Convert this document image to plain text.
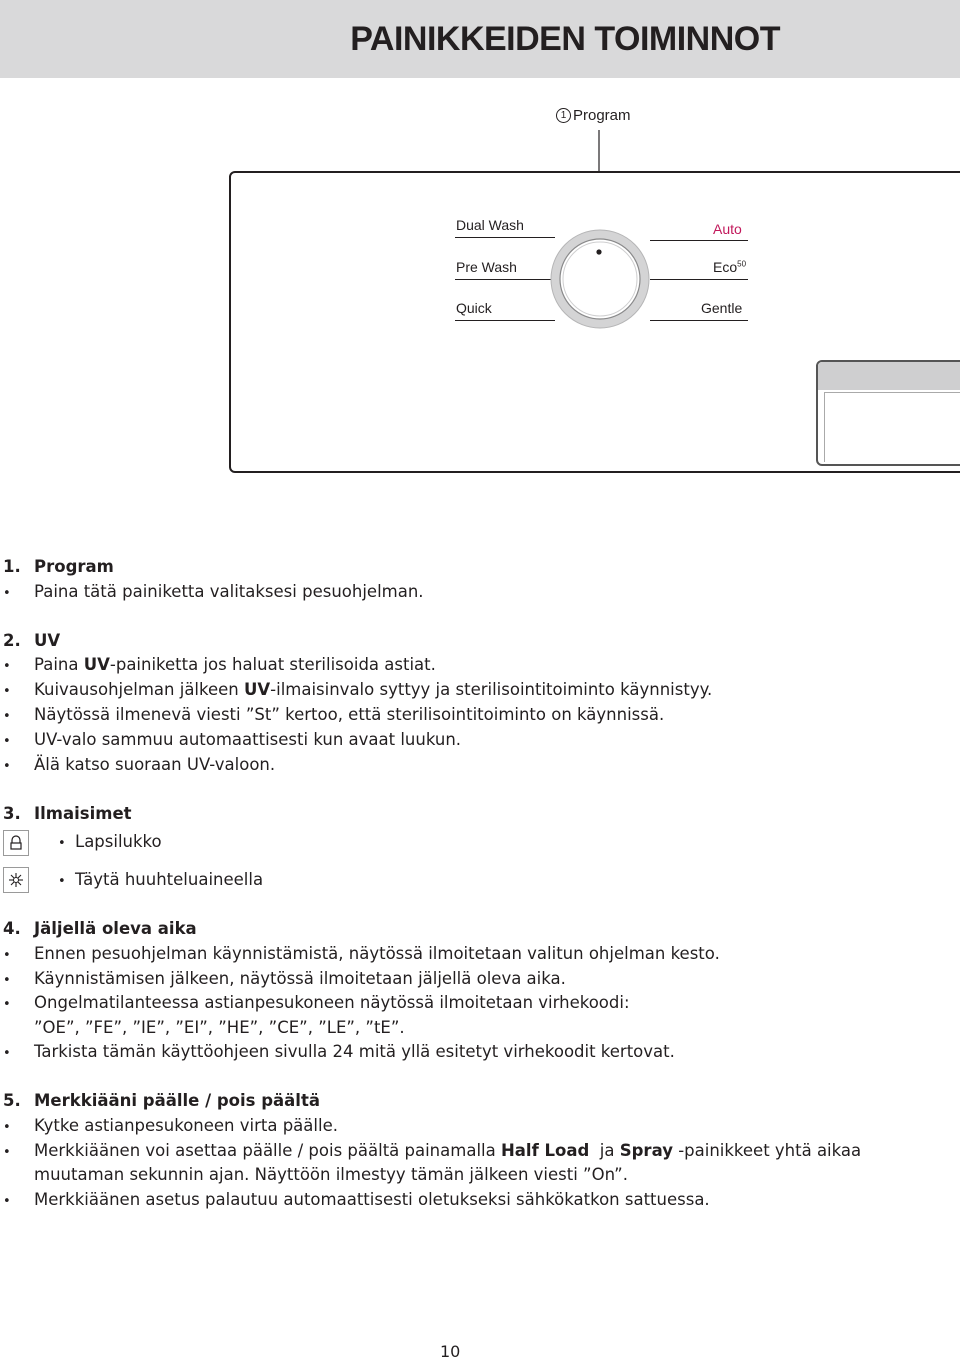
PAINIKKEIDEN TOIMINNOT
1 Program
Dual Wash
Pre Wash
Quick
Auto
Eco$^{50}$
Gentle
1. Program
• Paina tätä painiketta valitaksesi pesuohjelman.
2. UV
• Paina UV-painiketta jos haluat sterilisoida astiat.
• Kuivausohjelman jälkeen UV-ilmaisinvalo syttyy ja sterilisointitoiminto käynnistyy.
• Näytössä ilmenevä viesti ”St” kertoo, että sterilisointitoiminto on käynnissä.
• UV-valo sammuu automaattisesti kun avaat luukun.
• Älä katso suoraan UV-valoon.
3. Ilmaisimet
• Lapsilukko
• Täytä huuhteluaineella
4. Jäljellä oleva aika
• Ennen pesuohjelman käynnistämistä, näytössä ilmoitetaan valitun ohjelman kesto.
• Käynnistämisen jälkeen, näytössä ilmoitetaan jäljellä oleva aika.
• Ongelmatilanteessa astianpesukoneen näytössä ilmoitetaan virhekoodi:
”OE”, ”FE”, ”IE”, ”EI”, ”HE”, ”CE”, ”LE”, ”tE”.
• Tarkista tämän käyttöohjeen sivulla 24 mitä yllä esitetyt virhekoodit kertovat.
5. Merkkiääni päälle / pois päältä
• Kytke astianpesukoneen virta päälle.
• Merkkiäänen voi asettaa päälle / pois päältä painamalla Half Load  ja Spray -painikkeet yhtä aikaa
muutaman sekunnin ajan. Näyttöön ilmestyy tämän jälkeen viesti ”On”.
• Merkkiäänen asetus palautuu automaattisesti oletukseksi sähkökatkon sattuessa.
10
